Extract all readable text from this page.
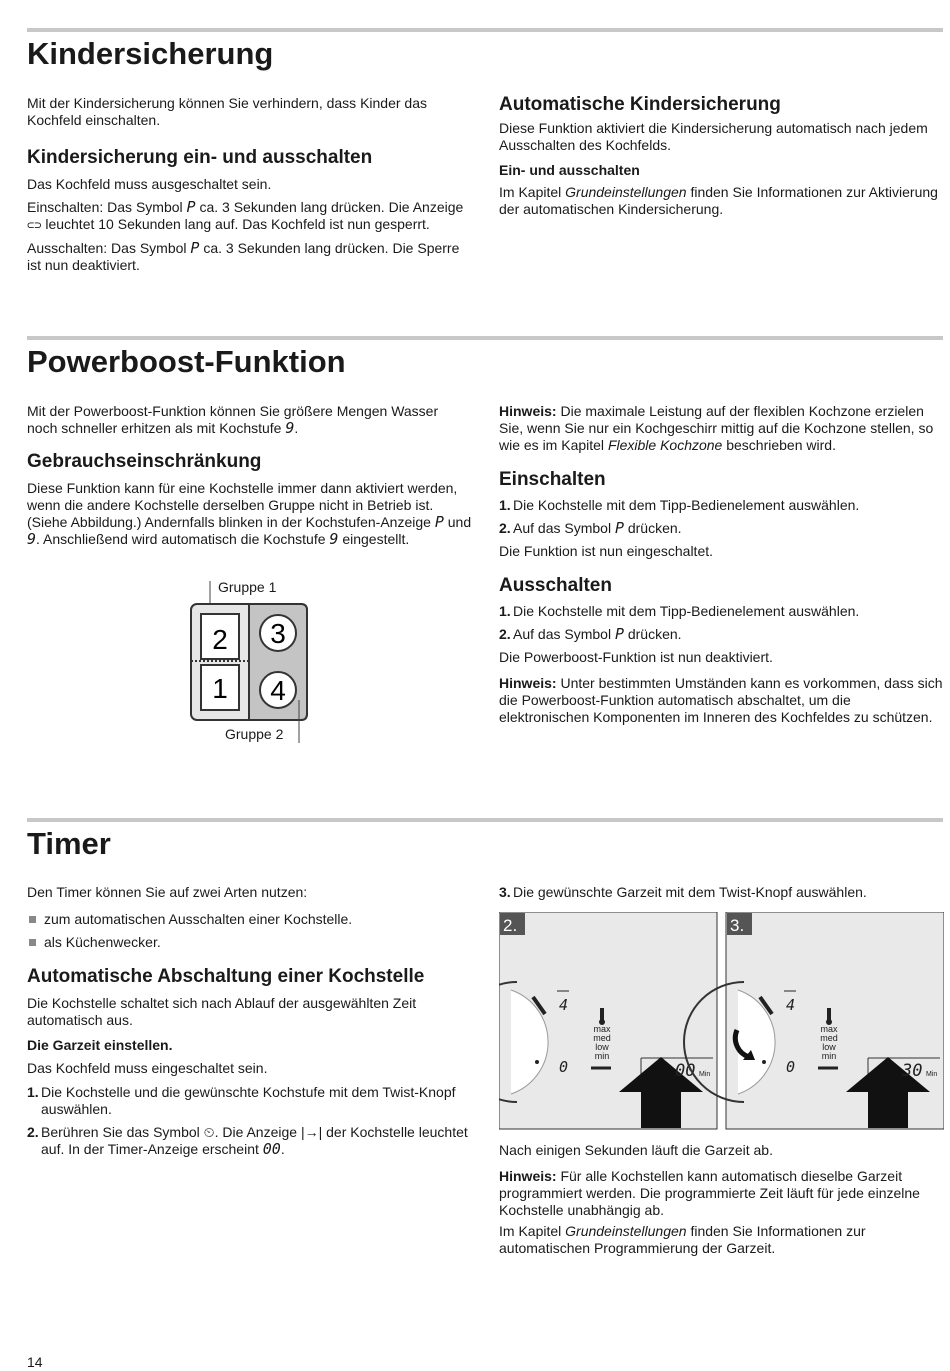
Kindersicherung

Mit der Kindersicherung können Sie verhindern, dass Kinder das Kochfeld einschalten.

Kindersicherung ein- und ausschalten

Das Kochfeld muss ausgeschaltet sein.

Einschalten: Das Symbol P ca. 3 Sekunden lang drücken. Die Anzeige ⊂⊃ leuchtet 10 Sekunden lang auf. Das Kochfeld ist nun gesperrt.

Ausschalten: Das Symbol P ca. 3 Sekunden lang drücken. Die Sperre ist nun deaktiviert.

Automatische Kindersicherung

Diese Funktion aktiviert die Kindersicherung automatisch nach jedem Ausschalten des Kochfelds.

Ein- und ausschalten

Im Kapitel Grundeinstellungen finden Sie Informationen zur Aktivierung der automatischen Kindersicherung.

Powerboost-Funktion

Mit der Powerboost-Funktion können Sie größere Mengen Wasser noch schneller erhitzen als mit Kochstufe 9.

Gebrauchseinschränkung

Diese Funktion kann für eine Kochstelle immer dann aktiviert werden, wenn die andere Kochstelle derselben Gruppe nicht in Betrieb ist. (Siehe Abbildung.) Andernfalls blinken in der Kochstufen-Anzeige P und 9. Anschließend wird automatisch die Kochstufe 9 eingestellt.

2
1
3
4
Gruppe 1
Gruppe 2

Hinweis: Die maximale Leistung auf der flexiblen Kochzone erzielen Sie, wenn Sie nur ein Kochgeschirr mittig auf die Kochzone stellen, so wie es im Kapitel Flexible Kochzone beschrieben wird.

Einschalten
1. Die Kochstelle mit dem Tipp-Bedienelement auswählen.
2. Auf das Symbol P drücken.

Die Funktion ist nun eingeschaltet.

Ausschalten
1. Die Kochstelle mit dem Tipp-Bedienelement auswählen.
2. Auf das Symbol P drücken.

Die Powerboost-Funktion ist nun deaktiviert.

Hinweis: Unter bestimmten Umständen kann es vorkommen, dass sich die Powerboost-Funktion automatisch abschaltet, um die elektronischen Komponenten im Inneren des Kochfeldes zu schützen.

Timer

Den Timer können Sie auf zwei Arten nutzen:

zum automatischen Ausschalten einer Kochstelle.
als Küchenwecker.
Automatische Abschaltung einer Kochstelle

Die Kochstelle schaltet sich nach Ablauf der ausgewählten Zeit automatisch aus.

Die Garzeit einstellen.

Das Kochfeld muss eingeschaltet sein.

1. Die Kochstelle und die gewünschte Kochstufe mit dem Twist-Knopf auswählen.
2. Berühren Sie das Symbol ⏲. Die Anzeige |→| der Kochstelle leuchtet auf. In der Timer-Anzeige erscheint 00.
3. Die gewünschte Garzeit mit dem Twist-Knopf auswählen.
2.
00
3.
30

Nach einigen Sekunden läuft die Garzeit ab.

Hinweis: Für alle Kochstellen kann automatisch dieselbe Garzeit programmiert werden. Die programmierte Zeit läuft für jede einzelne Kochstelle unabhängig ab.

Im Kapitel Grundeinstellungen finden Sie Informationen zur automatischen Programmierung der Garzeit.

14
